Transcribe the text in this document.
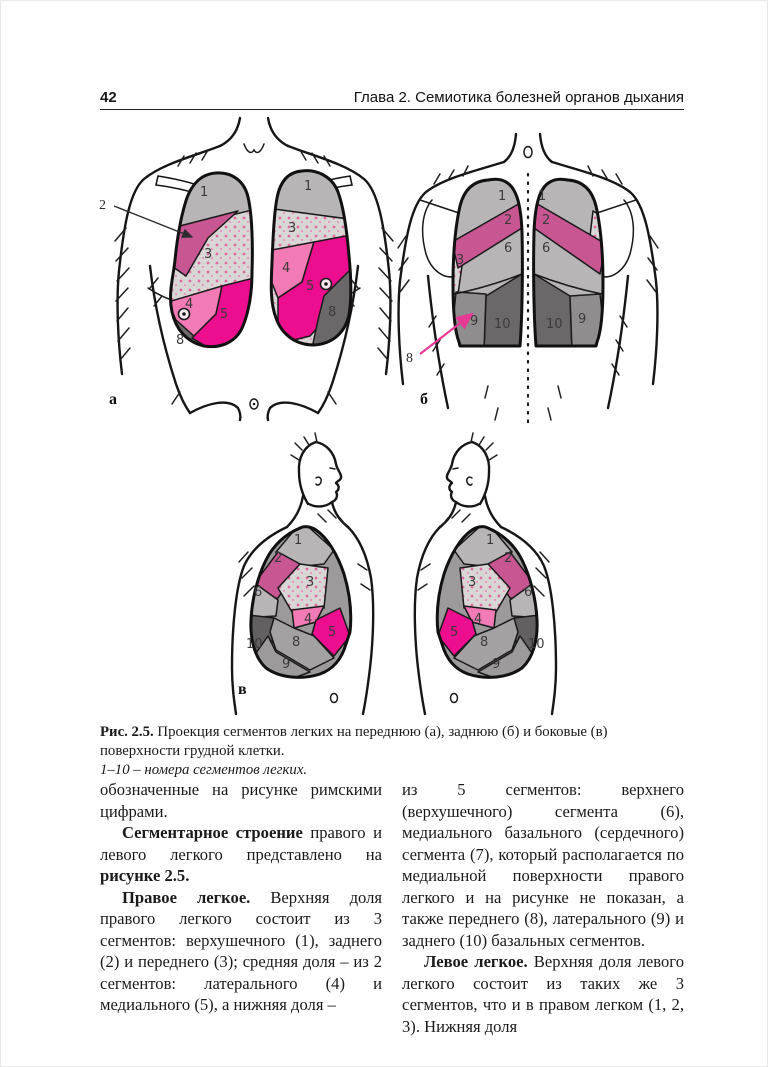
42	Глава 2. Семиотика болезней органов дыхания
1
3
4
5
8
1
3
4
5
8
2
а
1
2
6
3
9 10
1
2
6
10 9
8
б
1
2
3
6
4
5
8
9
10
1
2
3
6
4
5
8
9
10
в
Рис. 2.5. Проекция сегментов легких на переднюю (а), заднюю (б) и боковые (в) поверхности грудной клетки.
1–10 – номера сегментов легких.

обозначенные на рисунке римскими цифрами.

Сегментарное строение правого и левого легкого представлено на рисунке 2.5.

Правое легкое. Верхняя доля правого легкого состоит из 3 сегментов: верхушечного (1), заднего (2) и переднего (3); средняя доля – из 2 сегментов: латерального (4) и медиального (5), а нижняя доля –

из 5 сегментов: верхнего (верхушечного) сегмента (6), медиального базального (сердечного) сегмента (7), который располагается по медиальной поверхности правого легкого и на рисунке не показан, а также переднего (8), латерального (9) и заднего (10) базальных сегментов.

Левое легкое. Верхняя доля левого легкого состоит из таких же 3 сегментов, что и в правом легком (1, 2, 3). Нижняя доля
